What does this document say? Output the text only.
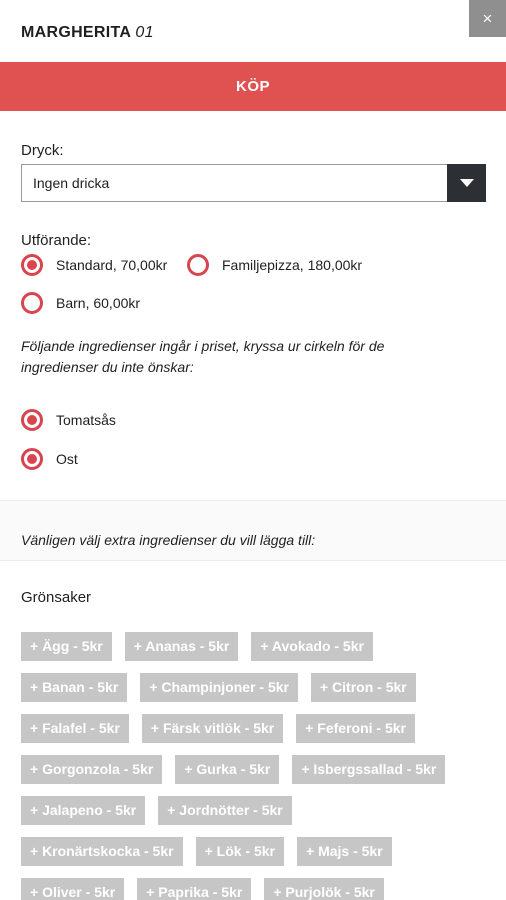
MARGHERITA 01
×
KÖP
Dryck:
Ingen dricka
Utförande:
Standard, 70,00kr	Familjepizza, 180,00kr
Barn, 60,00kr
Följande ingredienser ingår i priset, kryssa ur cirkeln för de
ingredienser du inte önskar:
Tomatsås
Ost
Vänligen välj extra ingredienser du vill lägga till:
Grönsaker
+ Ägg - 5kr	+ Ananas - 5kr	+ Avokado - 5kr
+ Banan - 5kr	+ Champinjoner - 5kr	+ Citron - 5kr
+ Falafel - 5kr	+ Färsk vitlök - 5kr	+ Feferoni - 5kr
+ Gorgonzola - 5kr	+ Gurka - 5kr	+ Isbergssallad - 5kr
+ Jalapeno - 5kr	+ Jordnötter - 5kr
+ Kronärtskocka - 5kr	+ Lök - 5kr	+ Majs - 5kr
+ Oliver - 5kr	+ Paprika - 5kr	+ Purjolök - 5kr
